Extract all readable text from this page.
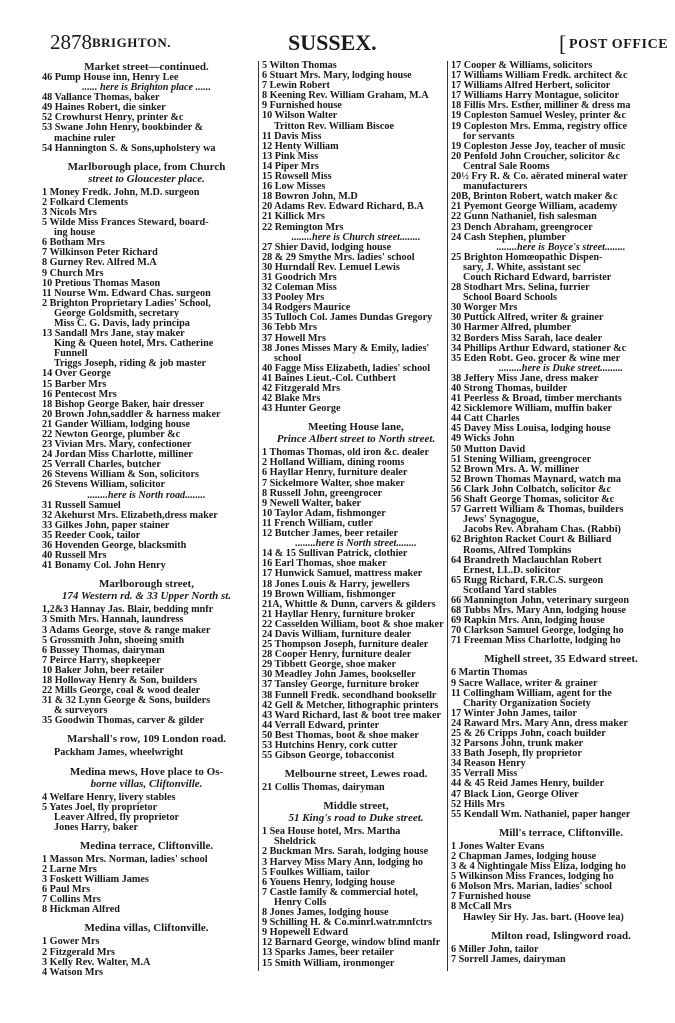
2878 BRIGHTON.	SUSSEX.	[ POST OFFICE
Market street—continued.
46 Pump House inn, Henry Lee
...... here is Brighton place ......
48 Vallance Thomas, baker
49 Haines Robert, die sinker
52 Crowhurst Henry, printer &c
53 Swane John Henry, bookbinder &
machine ruler
54 Hannington S. & Sons,upholstery wa
Marlborough place, from Church
street to Gloucester place.
1 Money Fredk. John, M.D. surgeon
2 Folkard Clements
3 Nicols Mrs
5 Wilde Miss Frances Steward, board-
ing house
6 Botham Mrs
7 Wilkinson Peter Richard
8 Gurney Rev. Alfred M.A
9 Church Mrs
10 Pretious Thomas Mason
11 Nourse Wm. Edward Chas. surgeon
2 Brighton Proprietary Ladies' School,
George Goldsmith, secretary
Miss C. G. Davis, lady principa
13 Sandall Mrs Jane, stay maker
King & Queen hotel, Mrs. Catherine
Funnell
Triggs Joseph, riding & job master
14 Over George
15 Barber Mrs
16 Pentecost Mrs
18 Bishop George Baker, hair dresser
20 Brown John,saddler & harness maker
21 Gander William, lodging house
22 Newton George, plumber &c
23 Vivian Mrs. Mary, confectioner
24 Jordan Miss Charlotte, milliner
25 Verrall Charles, butcher
26 Stevens William & Son, solicitors
26 Stevens William, solicitor
........here is North road........
31 Russell Samuel
32 Akehurst Mrs. Elizabeth,dress maker
33 Gilkes John, paper stainer
35 Reeder Cook, tailor
36 Hovenden George, blacksmith
40 Russell Mrs
41 Bonamy Col. John Henry
Marlborough street,
174 Western rd. & 33 Upper North st.
1,2&3 Hannay Jas. Blair, bedding mnfr
3 Smith Mrs. Hannah, laundress
3 Adams George, stove & range maker
5 Grossmith John, shoeing smith
6 Bussey Thomas, dairyman
7 Peirce Harry, shopkeeper
10 Baker John, beer retailer
18 Holloway Henry & Son, builders
22 Mills George, coal & wood dealer
31 & 32 Lynn George & Sons, builders
& surveyors
35 Goodwin Thomas, carver & gilder
Marshall's row, 109 London road.
Packham James, wheelwright
Medina mews, Hove place to Os-
borne villas, Cliftonville.
4 Welfare Henry, livery stables
5 Yates Joel, fly proprietor
Leaver Alfred, fly proprietor
Jones Harry, baker
Medina terrace, Cliftonville.
1 Masson Mrs. Norman, ladies' school
2 Larne Mrs
3 Foskett William James
6 Paul Mrs
7 Collins Mrs
8 Hickman Alfred
Medina villas, Cliftonville.
1 Gower Mrs
2 Fitzgerald Mrs
3 Kelly Rev. Walter, M.A
4 Watson Mrs
5 Wilton Thomas
6 Stuart Mrs. Mary, lodging house
7 Lewin Robert
8 Keening Rev. William Graham, M.A
9 Furnished house
10 Wilson Walter
Tritton Rev. William Biscoe
11 Davis Miss
12 Henty William
13 Pink Miss
14 Piper Mrs
15 Rowsell Miss
16 Low Misses
18 Bowron John, M.D
20 Adams Rev. Edward Richard, B.A
21 Killick Mrs
22 Remington Mrs
........here is Church street........
27 Shier David, lodging house
28 & 29 Smythe Mrs. ladies' school
30 Hurndall Rev. Lemuel Lewis
31 Goodrich Mrs
32 Coleman Miss
33 Pooley Mrs
34 Rodgers Maurice
35 Tulloch Col. James Dundas Gregory
36 Tebb Mrs
37 Howell Mrs
38 Jones Misses Mary & Emily, ladies'
school
40 Fagge Miss Elizabeth, ladies' school
41 Baines Lieut.-Col. Cuthbert
42 Fitzgerald Mrs
42 Blake Mrs
43 Hunter George
Meeting House lane,
Prince Albert street to North street.
1 Thomas Thomas, old iron &c. dealer
2 Holland William, dining rooms
6 Hayllar Henry, furniture dealer
7 Sickelmore Walter, shoe maker
8 Russell John, greengrocer
9 Newell Walter, baker
10 Taylor Adam, fishmonger
11 French William, cutler
12 Butcher James, beer retailer
........here is North street........
14 & 15 Sullivan Patrick, clothier
16 Earl Thomas, shoe maker
17 Hunwick Samuel, mattress maker
18 Jones Louis & Harry, jewellers
19 Brown William, fishmonger
21A, Whittle & Dunn, carvers & gilders
21 Hayllar Henry, furniture broker
22 Casselden William, boot & shoe maker
24 Davis William, furniture dealer
25 Thompson Joseph, furniture dealer
28 Cooper Henry, furniture dealer
29 Tibbett George, shoe maker
30 Meadley John James, bookseller
37 Tansley George, furniture broker
38 Funnell Fredk. secondhand booksellr
42 Gell & Metcher, lithographic printers
43 Ward Richard, last & boot tree maker
44 Verrall Edward, printer
50 Best Thomas, boot & shoe maker
53 Hutchins Henry, cork cutter
55 Gibson George, tobacconist
Melbourne street, Lewes road.
21 Collis Thomas, dairyman
Middle street,
51 King's road to Duke street.
1 Sea House hotel, Mrs. Martha
Sheldrick
2 Buckman Mrs. Sarah, lodging house
3 Harvey Miss Mary Ann, lodging ho
5 Foulkes William, tailor
6 Youens Henry, lodging house
7 Castle family & commercial hotel,
Henry Colls
8 Jones James, lodging house
9 Schilling H. & Co.minrl.watr.mnfctrs
9 Hopewell Edward
12 Barnard George, window blind manfr
13 Sparks James, beer retailer
15 Smith William, ironmonger
17 Cooper & Williams, solicitors
17 Williams William Fredk. architect &c
17 Williams Alfred Herbert, solicitor
17 Williams Harry Montague, solicitor
18 Fillis Mrs. Esther, milliner & dress ma
19 Copleston Samuel Wesley, printer &c
19 Copleston Mrs. Emma, registry office
for servants
19 Copleston Jesse Joy, teacher of music
20 Penfold John Croucher, solicitor &c
Central Sale Rooms
20½ Fry R. & Co. aërated mineral water
manufacturers
20B, Brinton Robert, watch maker &c
21 Pyemont George William, academy
22 Gunn Nathaniel, fish salesman
23 Dench Abraham, greengrocer
24 Cash Stephen, plumber
........here is Boyce's street........
25 Brighton Homœopathic Dispen-
sary, J. White, assistant sec
Couch Richard Edward, barrister
28 Stodhart Mrs. Selina, furrier
School Board Schools
30 Worger Mrs
30 Puttick Alfred, writer & grainer
30 Harmer Alfred, plumber
32 Borders Miss Sarah, lace dealer
34 Phillips Arthur Edward, stationer &c
35 Eden Robt. Geo. grocer & wine mer
.........here is Duke street.........
38 Jeffery Miss Jane, dress maker
40 Strong Thomas, builder
41 Peerless & Broad, timber merchants
42 Sicklemore William, muffin baker
44 Catt Charles
45 Davey Miss Louisa, lodging house
49 Wicks John
50 Mutton David
51 Stening William, greengrocer
52 Brown Mrs. A. W. milliner
52 Brown Thomas Maynard, watch ma
56 Clark John Colbatch, solicitor &c
56 Shaft George Thomas, solicitor &c
57 Garrett William & Thomas, builders
Jews' Synagogue,
Jacobs Rev. Abraham Chas. (Rabbi)
62 Brighton Racket Court & Billiard
Rooms, Alfred Tompkins
64 Brandreth Maclauchlan Robert
Ernest, LL.D. solicitor
65 Rugg Richard, F.R.C.S. surgeon
Scotland Yard stables
66 Mannington John, veterinary surgeon
68 Tubbs Mrs. Mary Ann, lodging house
69 Rapkin Mrs. Ann, lodging house
70 Clarkson Samuel George, lodging ho
71 Freeman Miss Charlotte, lodging ho
Mighell street, 35 Edward street.
6 Martin Thomas
9 Sacre Wallace, writer & grainer
11 Collingham William, agent for the
Charity Organization Society
17 Winter John James, tailor
24 Raward Mrs. Mary Ann, dress maker
25 & 26 Cripps John, coach builder
32 Parsons John, trunk maker
33 Bath Joseph, fly proprietor
34 Reason Henry
35 Verrall Miss
44 & 45 Reid James Henry, builder
47 Black Lion, George Oliver
52 Hills Mrs
55 Kendall Wm. Nathaniel, paper hanger
Mill's terrace, Cliftonville.
1 Jones Walter Evans
2 Chapman James, lodging house
3 & 4 Nightingale Miss Eliza, lodging ho
5 Wilkinson Miss Frances, lodging ho
6 Molson Mrs. Marian, ladies' school
7 Furnished house
8 McCall Mrs
Hawley Sir Hy. Jas. bart. (Hoove lea)
Milton road, Islingword road.
6 Miller John, tailor
7 Sorrell James, dairyman
